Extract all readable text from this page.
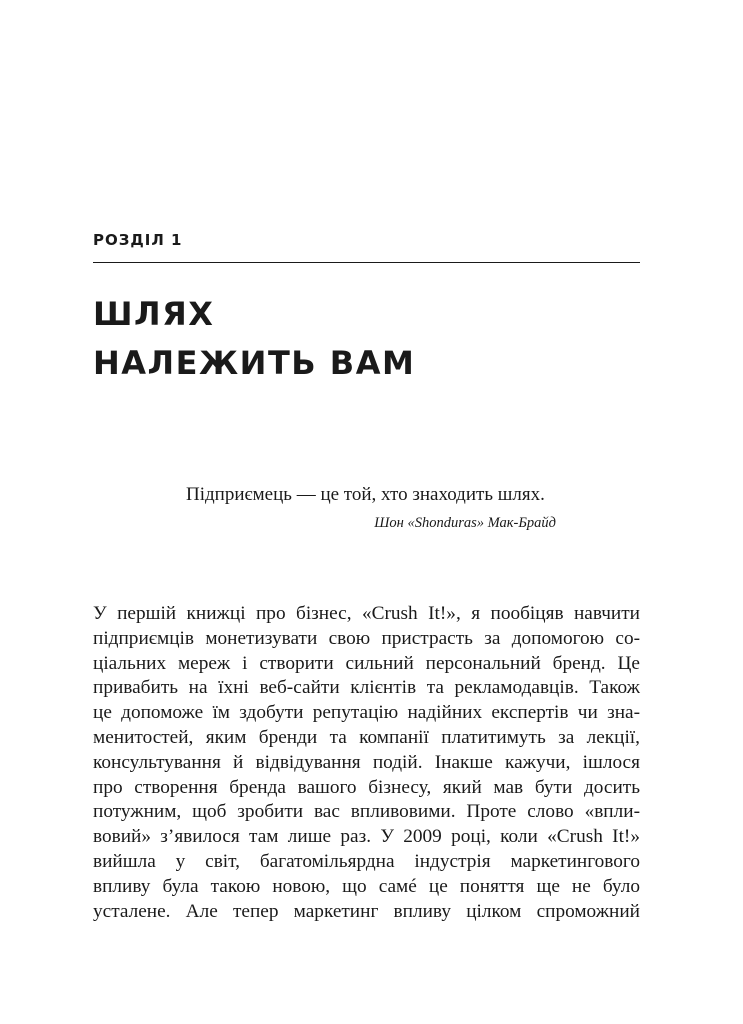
РОЗДІЛ 1
ШЛЯХ
НАЛЕЖИТЬ ВАМ
Підприємець — це той, хто знаходить шлях.
Шон «Shonduras» Мак-Брайд
У першій книжці про бізнес, «Crush It!», я пообіцяв навчити
підприємців монетизувати свою пристрасть за допомогою со-
ціальних мереж і створити сильний персональний бренд. Це
привабить на їхні веб-сайти клієнтів та рекламодавців. Також
це допоможе їм здобути репутацію надійних експертів чи зна-
менитостей, яким бренди та компанії платитимуть за лекції,
консультування й відвідування подій. Інакше кажучи, ішлося
про створення бренда вашого бізнесу, який мав бути досить
потужним, щоб зробити вас впливовими. Проте слово «впли-
вовий» з’явилося там лише раз. У 2009 році, коли «Crush It!»
вийшла у світ, багатомільярдна індустрія маркетингового
впливу була такою новою, що самé це поняття ще не було
усталене. Але тепер маркетинг впливу цілком спроможний
